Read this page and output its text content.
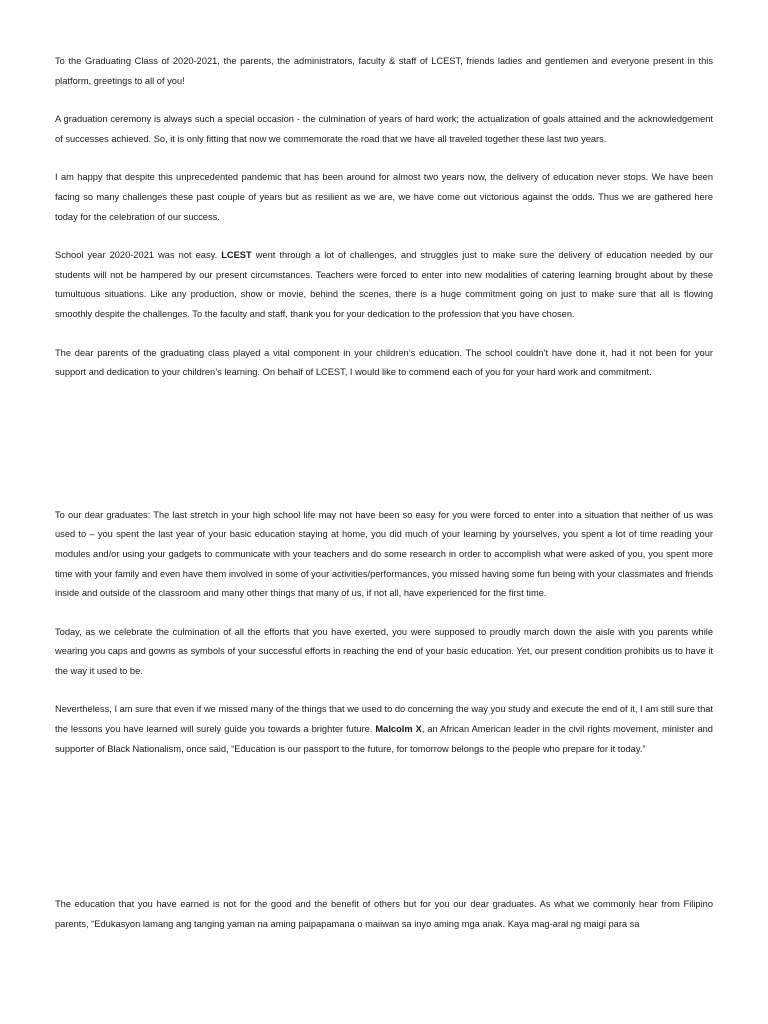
To the Graduating Class of 2020-2021, the parents, the administrators, faculty & staff of LCEST, friends ladies and gentlemen and everyone present in this platform, greetings to all of you!

A graduation ceremony is always such a special occasion - the culmination of years of hard work; the actualization of goals attained and the acknowledgement of successes achieved. So, it is only fitting that now we commemorate the road that we have all traveled together these last two years.

I am happy that despite this unprecedented pandemic that has been around for almost two years now, the delivery of education never stops. We have been facing so many challenges these past couple of years but as resilient as we are, we have come out victorious against the odds. Thus we are gathered here today for the celebration of our success.

School year 2020-2021 was not easy. LCEST went through a lot of challenges, and struggles just to make sure the delivery of education needed by our students will not be hampered by our present circumstances. Teachers were forced to enter into new modalities of catering learning brought about by these tumultuous situations. Like any production, show or movie, behind the scenes, there is a huge commitment going on just to make sure that all is flowing smoothly despite the challenges. To the faculty and staff, thank you for your dedication to the profession that you have chosen.

The dear parents of the graduating class played a vital component in your children’s education. The school couldn’t have done it, had it not been for your support and dedication to your children’s learning. On behalf of LCEST, I would like to commend each of you for your hard work and commitment.

To our dear graduates: The last stretch in your high school life may not have been so easy for you were forced to enter into a situation that neither of us was used to – you spent the last year of your basic education staying at home, you did much of your learning by yourselves, you spent a lot of time reading your modules and/or using your gadgets to communicate with your teachers and do some research in order to accomplish what were asked of you, you spent more time with your family and even have them involved in some of your activities/performances, you missed having some fun being with your classmates and friends inside and outside of the classroom and many other things that many of us, if not all, have experienced for the first time.

Today, as we celebrate the culmination of all the efforts that you have exerted, you were supposed to proudly march down the aisle with you parents while wearing you caps and gowns as symbols of your successful efforts in reaching the end of your basic education. Yet, our present condition prohibits us to have it the way it used to be.

Nevertheless, I am sure that even if we missed many of the things that we used to do concerning the way you study and execute the end of it, I am still sure that the lessons you have learned will surely guide you towards a brighter future. Malcolm X, an African American leader in the civil rights movement, minister and supporter of Black Nationalism, once said, “Education is our passport to the future, for tomorrow belongs to the people who prepare for it today.”

The education that you have earned is not for the good and the benefit of others but for you our dear graduates. As what we commonly hear from Filipino parents, “Edukasyon lamang ang tanging yaman na aming paipapamana o maiiwan sa inyo aming mga anak. Kaya mag-aral ng maigi para sa
